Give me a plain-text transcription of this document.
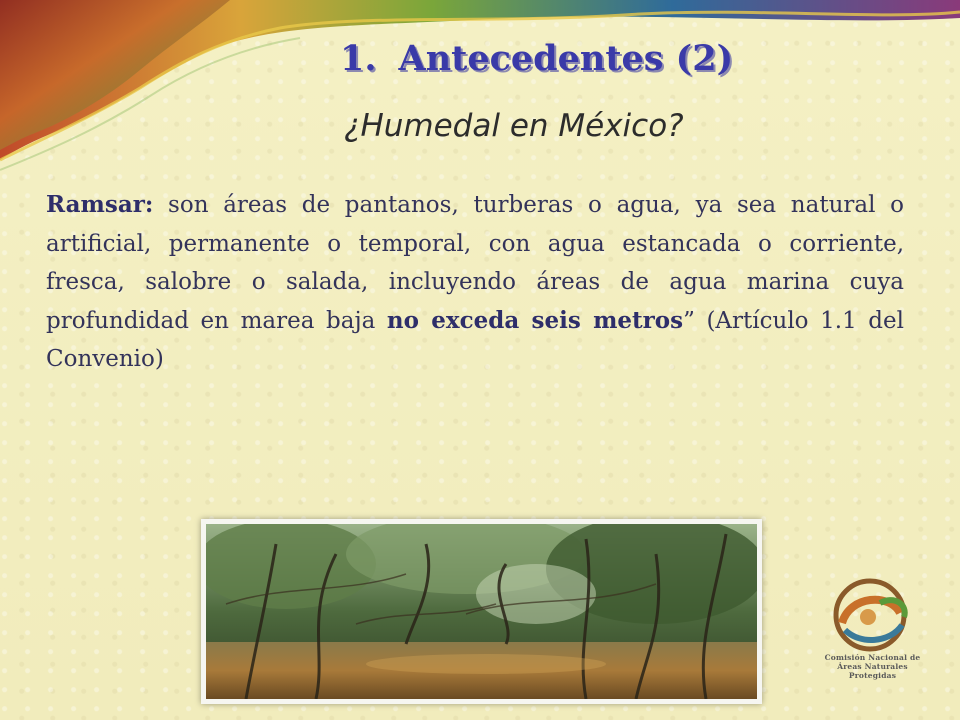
1. Antecedentes (2)

¿Humedal en México?

Ramsar: son áreas de pantanos, turberas o agua, ya sea natural o artificial, permanente o temporal, con agua estancada o corriente, fresca, salobre o salada, incluyendo áreas de agua marina cuya profundidad en marea baja no exceda seis metros” (Artículo 1.1 del Convenio)

Comisión Nacional de
Áreas Naturales
Protegidas
